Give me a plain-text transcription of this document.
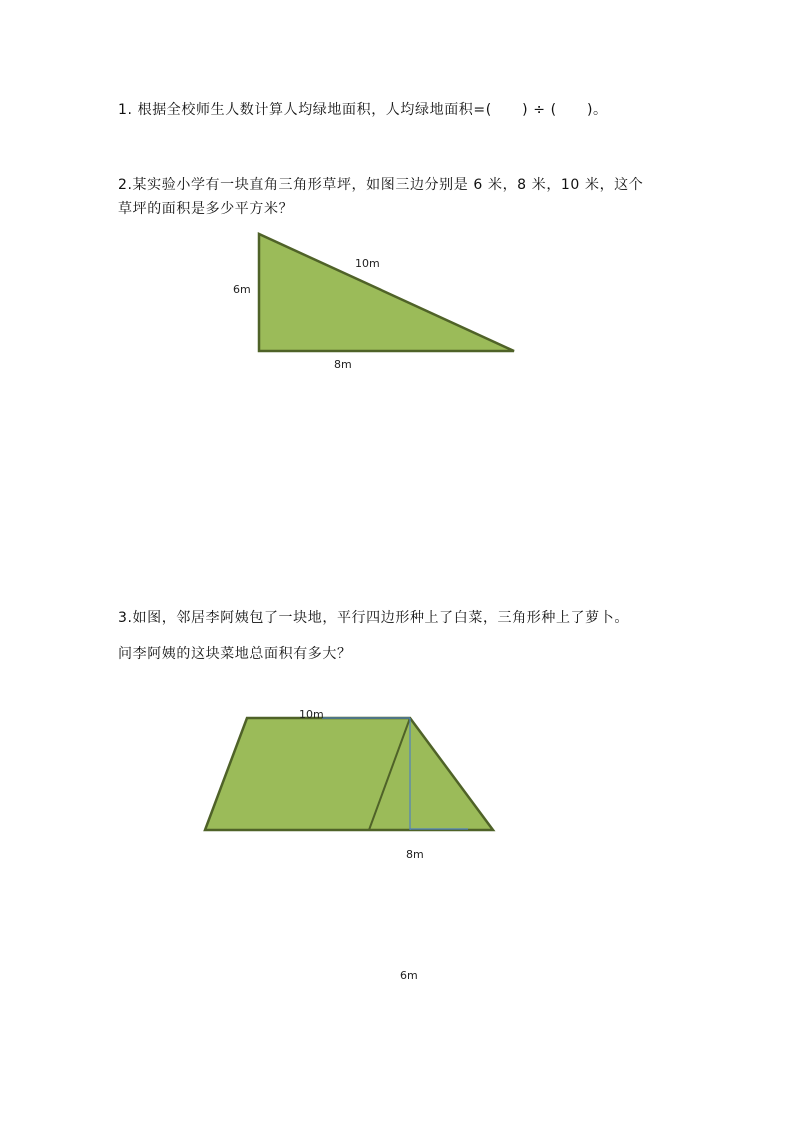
1. 根据全校师生人数计算人均绿地面积，人均绿地面积=( ) ÷ ( )。
2.某实验小学有一块直角三角形草坪，如图三边分别是 6 米，8 米，10 米，这个
草坪的面积是多少平方米？
3.如图，邻居李阿姨包了一块地，平行四边形种上了白菜，三角形种上了萝卜。
问李阿姨的这块菜地总面积有多大？
6m
10m
8m
10m
8m
6m
